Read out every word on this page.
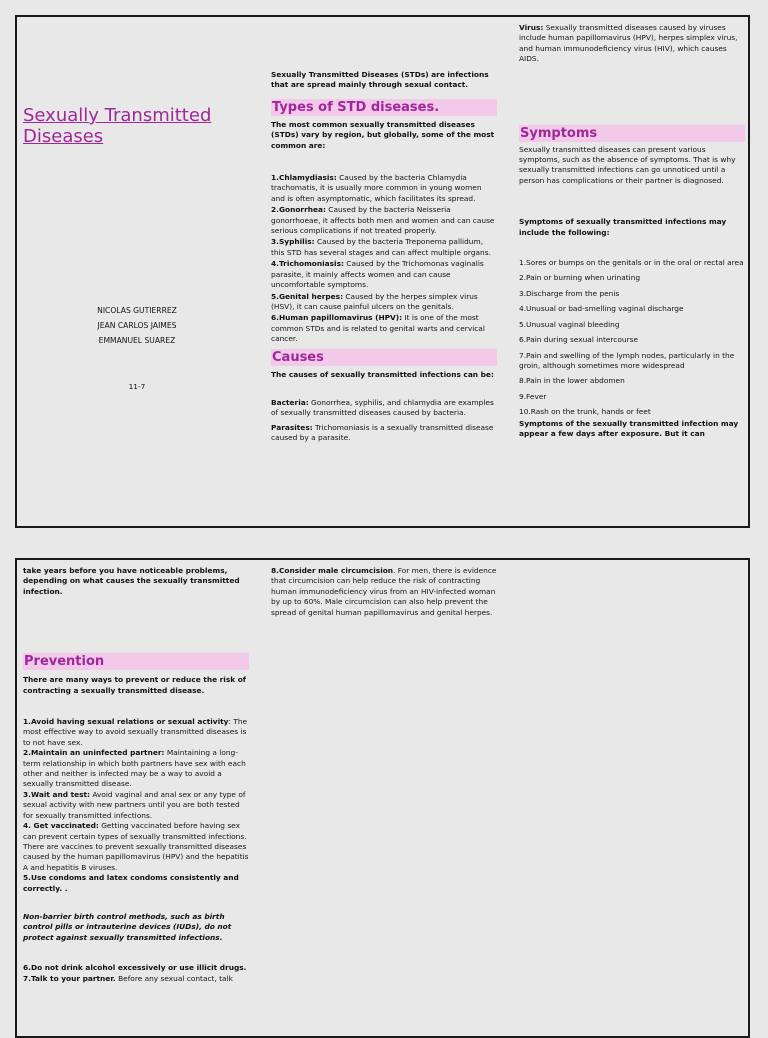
Sexually Transmitted
Diseases
NICOLAS GUTIERREZ
JEAN CARLOS JAIMES
EMMANUEL SUAREZ
11-7

Sexually Transmitted Diseases (STDs) are infections that are spread mainly through sexual contact.

Types of STD diseases.

The most common sexually transmitted diseases (STDs) vary by region, but globally, some of the most common are:

1.Chlamydiasis: Caused by the bacteria Chlamydia trachomatis, it is usually more common in young women and is often asymptomatic, which facilitates its spread.

2.Gonorrhea: Caused by the bacteria Neisseria gonorrhoeae, it affects both men and women and can cause serious complications if not treated properly.

3.Syphilis: Caused by the bacteria Treponema pallidum, this STD has several stages and can affect multiple organs.

4.Trichomoniasis: Caused by the Trichomonas vaginalis parasite, it mainly affects women and can cause uncomfortable symptoms.

5.Genital herpes: Caused by the herpes simplex virus (HSV), it can cause painful ulcers on the genitals.

6.Human papillomavirus (HPV): It is one of the most common STDs and is related to genital warts and cervical cancer.

Causes

The causes of sexually transmitted infections can be:

Bacteria: Gonorrhea, syphilis, and chlamydia are examples of sexually transmitted diseases caused by bacteria.

Parasites: Trichomoniasis is a sexually transmitted disease caused by a parasite.

Virus: Sexually transmitted diseases caused by viruses include human papillomavirus (HPV), herpes simplex virus, and human immunodeficiency virus (HIV), which causes AIDS.

Symptoms

Sexually transmitted diseases can present various symptoms, such as the absence of symptoms. That is why sexually transmitted infections can go unnoticed until a person has complications or their partner is diagnosed.

Symptoms of sexually transmitted infections may include the following:

1.Sores or bumps on the genitals or in the oral or rectal area

2.Pain or burning when urinating

3.Discharge from the penis

4.Unusual or bad-smelling vaginal discharge

5.Unusual vaginal bleeding

6.Pain during sexual intercourse

7.Pain and swelling of the lymph nodes, particularly in the groin, although sometimes more widespread

8.Pain in the lower abdomen

9.Fever

10.Rash on the trunk, hands or feet

Symptoms of the sexually transmitted infection may appear a few days after exposure. But it can

take years before you have noticeable problems, depending on what causes the sexually transmitted infection.

Prevention

There are many ways to prevent or reduce the risk of contracting a sexually transmitted disease.

1.Avoid having sexual relations or sexual activity: The most effective way to avoid sexually transmitted diseases is to not have sex.

2.Maintain an uninfected partner: Maintaining a long-term relationship in which both partners have sex with each other and neither is infected may be a way to avoid a sexually transmitted disease.

3.Wait and test: Avoid vaginal and anal sex or any type of sexual activity with new partners until you are both tested for sexually transmitted infections.

4. Get vaccinated: Getting vaccinated before having sex can prevent certain types of sexually transmitted infections. There are vaccines to prevent sexually transmitted diseases caused by the human papillomavirus (HPV) and the hepatitis A and hepatitis B viruses.

5.Use condoms and latex condoms consistently and correctly. .

Non-barrier birth control methods, such as birth control pills or intrauterine devices (IUDs), do not protect against sexually transmitted infections.

6.Do not drink alcohol excessively or use illicit drugs.

7.Talk to your partner. Before any sexual contact, talk

8.Consider male circumcision. For men, there is evidence that circumcision can help reduce the risk of contracting human immunodeficiency virus from an HIV-infected woman by up to 60%. Male circumcision can also help prevent the spread of genital human papillomavirus and genital herpes.
